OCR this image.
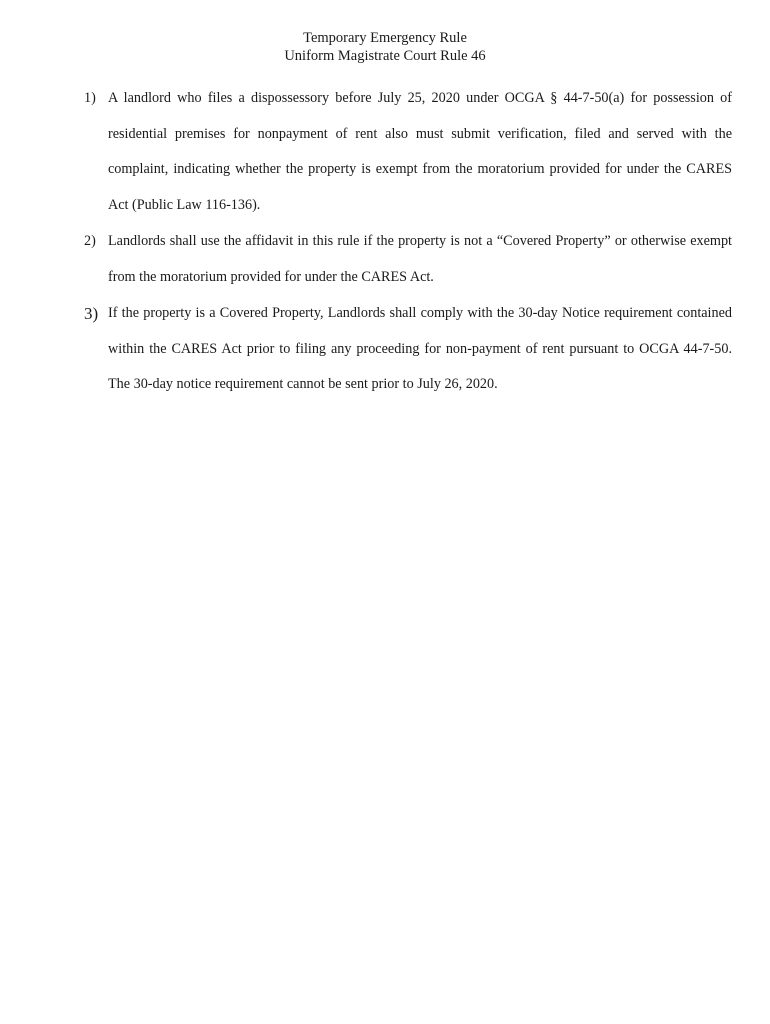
Temporary Emergency Rule
Uniform Magistrate Court Rule 46
1) A landlord who files a dispossessory before July 25, 2020 under OCGA § 44-7-50(a) for possession of residential premises for nonpayment of rent also must submit verification, filed and served with the complaint, indicating whether the property is exempt from the moratorium provided for under the CARES Act (Public Law 116-136).
2) Landlords shall use the affidavit in this rule if the property is not a “Covered Property” or otherwise exempt from the moratorium provided for under the CARES Act.
3) If the property is a Covered Property, Landlords shall comply with the 30-day Notice requirement contained within the CARES Act prior to filing any proceeding for non-payment of rent pursuant to OCGA 44-7-50. The 30-day notice requirement cannot be sent prior to July 26, 2020.
